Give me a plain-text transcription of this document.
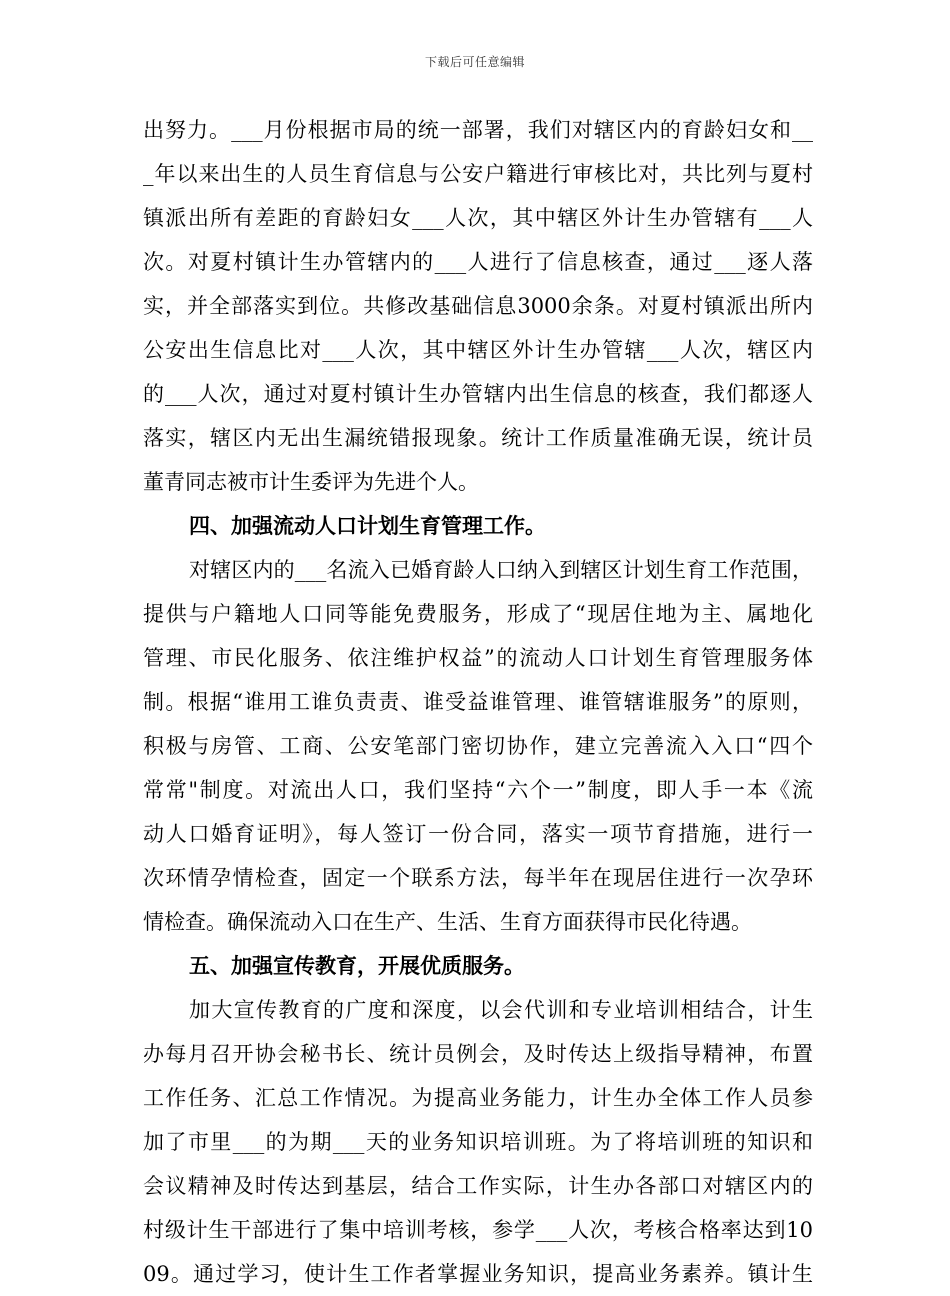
下载后可任意编辑
出努力。___月份根据市局的统一部署，我们对辖区内的育龄妇女和__
_年以来出生的人员生育信息与公安户籍进行审核比对，共比列与夏村
镇派出所有差距的育龄妇女___人次，其中辖区外计生办管辖有___人
次。对夏村镇计生办管辖内的___人进行了信息核查，通过___逐人落
实，并全部落实到位。共修改基础信息3000余条。对夏村镇派出所内
公安出生信息比对___人次，其中辖区外计生办管辖___人次，辖区内
的___人次，通过对夏村镇计生办管辖内出生信息的核查，我们都逐人
落实，辖区内无出生漏统错报现象。统计工作质量准确无误，统计员
董青同志被市计生委评为先进个人。
四、加强流动人口计划生育管理工作。
对辖区内的___名流入已婚育龄人口纳入到辖区计划生育工作范围，
提供与户籍地人口同等能免费服务，形成了“现居住地为主、属地化
管理、市民化服务、依注维护权益”的流动人口计划生育管理服务体
制。根据“谁用工谁负责责、谁受益谁管理、谁管辖谁服务”的原则，
积极与房管、工商、公安笔部门密切协作，建立完善流入入口“四个
常常"制度。对流出人口，我们坚持“六个一”制度，即人手一本《流
动人口婚育证明》，每人签订一份合同，落实一项节育措施，进行一
次环情孕情检查，固定一个联系方法，每半年在现居住进行一次孕环
情检查。确保流动入口在生产、生活、生育方面获得市民化待遇。
五、加强宣传教育，开展优质服务。
加大宣传教育的广度和深度，以会代训和专业培训相结合，计生
办每月召开协会秘书长、统计员例会，及时传达上级指导精神，布置
工作任务、汇总工作情况。为提高业务能力，计生办全体工作人员参
加了市里___的为期___天的业务知识培训班。为了将培训班的知识和
会议精神及时传达到基层，结合工作实际，计生办各部口对辖区内的
村级计生干部进行了集中培训考核，参学___人次，考核合格率达到10
09。通过学习，使计生工作者掌握业务知识，提高业务素养。镇计生
